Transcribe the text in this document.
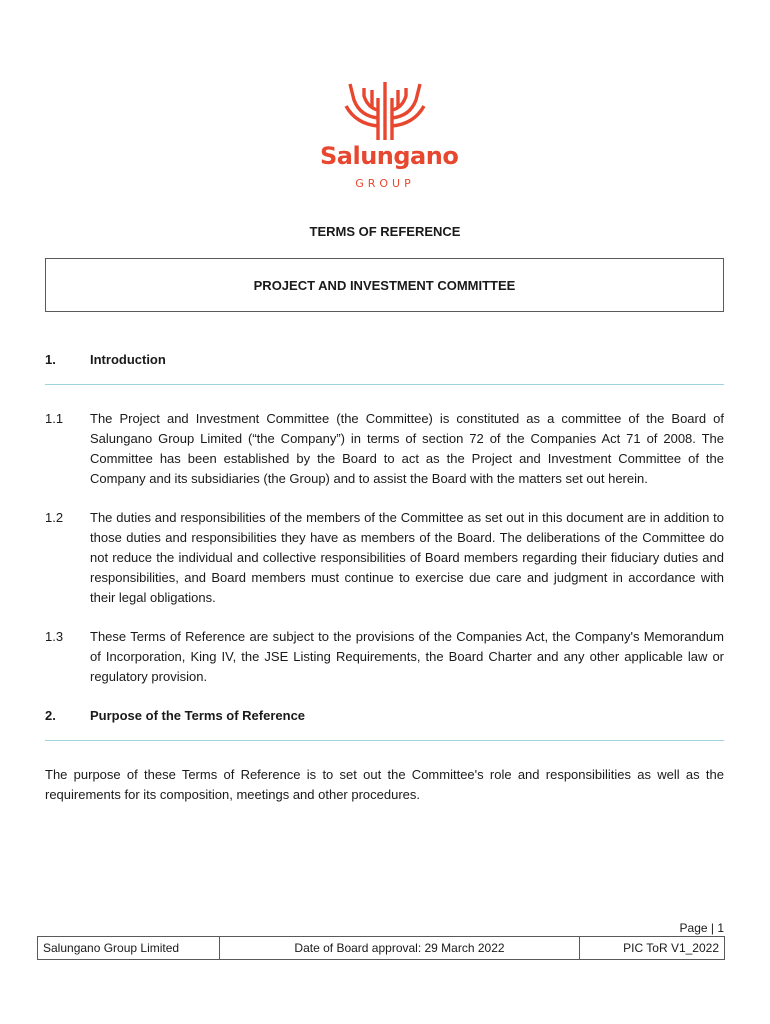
Salungano
GROUP
TERMS OF REFERENCE
PROJECT AND INVESTMENT COMMITTEE
1.	Introduction
1.1 The Project and Investment Committee (the Committee) is constituted as a committee of the Board of Salungano Group Limited (“the Company”) in terms of section 72 of the Companies Act 71 of 2008. The Committee has been established by the Board to act as the Project and Investment Committee of the Company and its subsidiaries (the Group) and to assist the Board with the matters set out herein.
1.2 The duties and responsibilities of the members of the Committee as set out in this document are in addition to those duties and responsibilities they have as members of the Board. The deliberations of the Committee do not reduce the individual and collective responsibilities of Board members regarding their fiduciary duties and responsibilities, and Board members must continue to exercise due care and judgment in accordance with their legal obligations.
1.3 These Terms of Reference are subject to the provisions of the Companies Act, the Company's Memorandum of Incorporation, King IV, the JSE Listing Requirements, the Board Charter and any other applicable law or regulatory provision.
2.	Purpose of the Terms of Reference
The purpose of these Terms of Reference is to set out the Committee's role and responsibilities as well as the requirements for its composition, meetings and other procedures.
Page | 1
Salungano Group Limited	Date of Board approval: 29 March 2022	PIC ToR V1_2022
